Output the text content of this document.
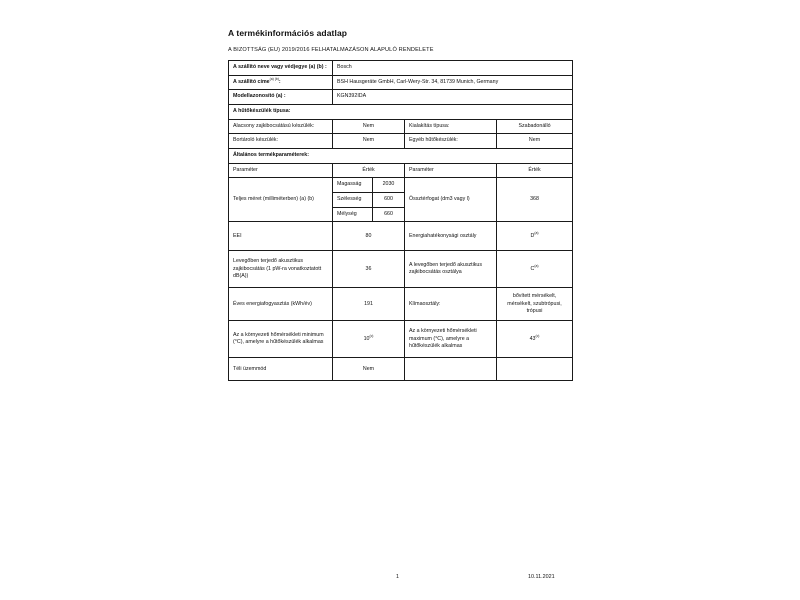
A termékinformációs adatlap
A BIZOTTSÁG (EU) 2019/2016 FELHATALMAZÁSON ALAPULÓ RENDELETE
A szállító neve vagy védjegye (a) (b) :	Bosch			
A szállító címe$^{(a) (b)}$:	BSH Hausgeräte GmbH, Carl-Wery-Str. 34, 81739 Munich, Germany			
Modellazonosító (a) :	KGN392IDA			
A hűtőkészülék típusa:				
Alacsony zajkibocsátású készülék:	Nem		Kialakítás típusa:	Szabadonálló
Bortároló készülék:	Nem		Egyéb hűtőkészülék:	Nem
Általános termékparaméterek:				
Paraméter	Érték		Paraméter	Érték
Teljes méret (milliméterben) (a) (b)	Magasság	2030	Össztérfogat (dm3 vagy l)	368
	Szélesség	600		
	Mélység	660		
EEI	80		Energiahatékonysági osztály	$D^{(a)}$
Levegőben terjedő akusztikus zajkibocsátás (1 pW-ra vonatkoztatott dB(A))	36		A levegőben terjedő akusztikus zajkibocsátás osztálya	$C^{(a)}$
Éves energiafogyasztás (kWh/év)	191		Klímaosztály:	bővített mérsékelt, mérsékelt, szubtrópusi, trópusi
Az a környezeti hőmérsékleti minimum (°C), amelyre a hűtőkészülék alkalmas	10$^{(c)}$		Az a környezeti hőmérsékleti maximum (°C), amelyre a hűtőkészülék alkalmas	43$^{(c)}$
Téli üzemmód	Nem			
1	10.11.2021
